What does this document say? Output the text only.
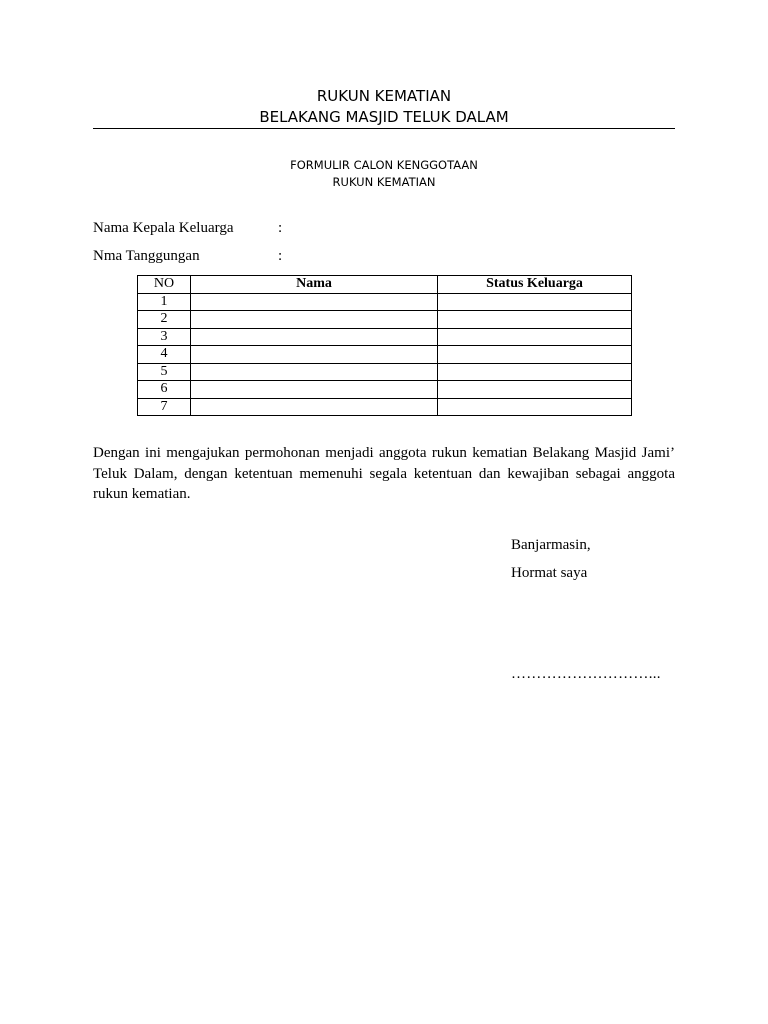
RUKUN KEMATIAN
BELAKANG MASJID TELUK DALAM
FORMULIR CALON KENGGOTAAN
RUKUN KEMATIAN
Nama Kepala Keluarga	:
Nma Tanggungan	:
NO	Nama	Status Keluarga
1		
2		
3		
4		
5		
6		
7		
Dengan ini mengajukan permohonan menjadi anggota rukun kematian Belakang Masjid Jami’ Teluk Dalam, dengan ketentuan memenuhi segala ketentuan dan kewajiban sebagai anggota rukun kematian.
Banjarmasin,
Hormat saya
………………………...
